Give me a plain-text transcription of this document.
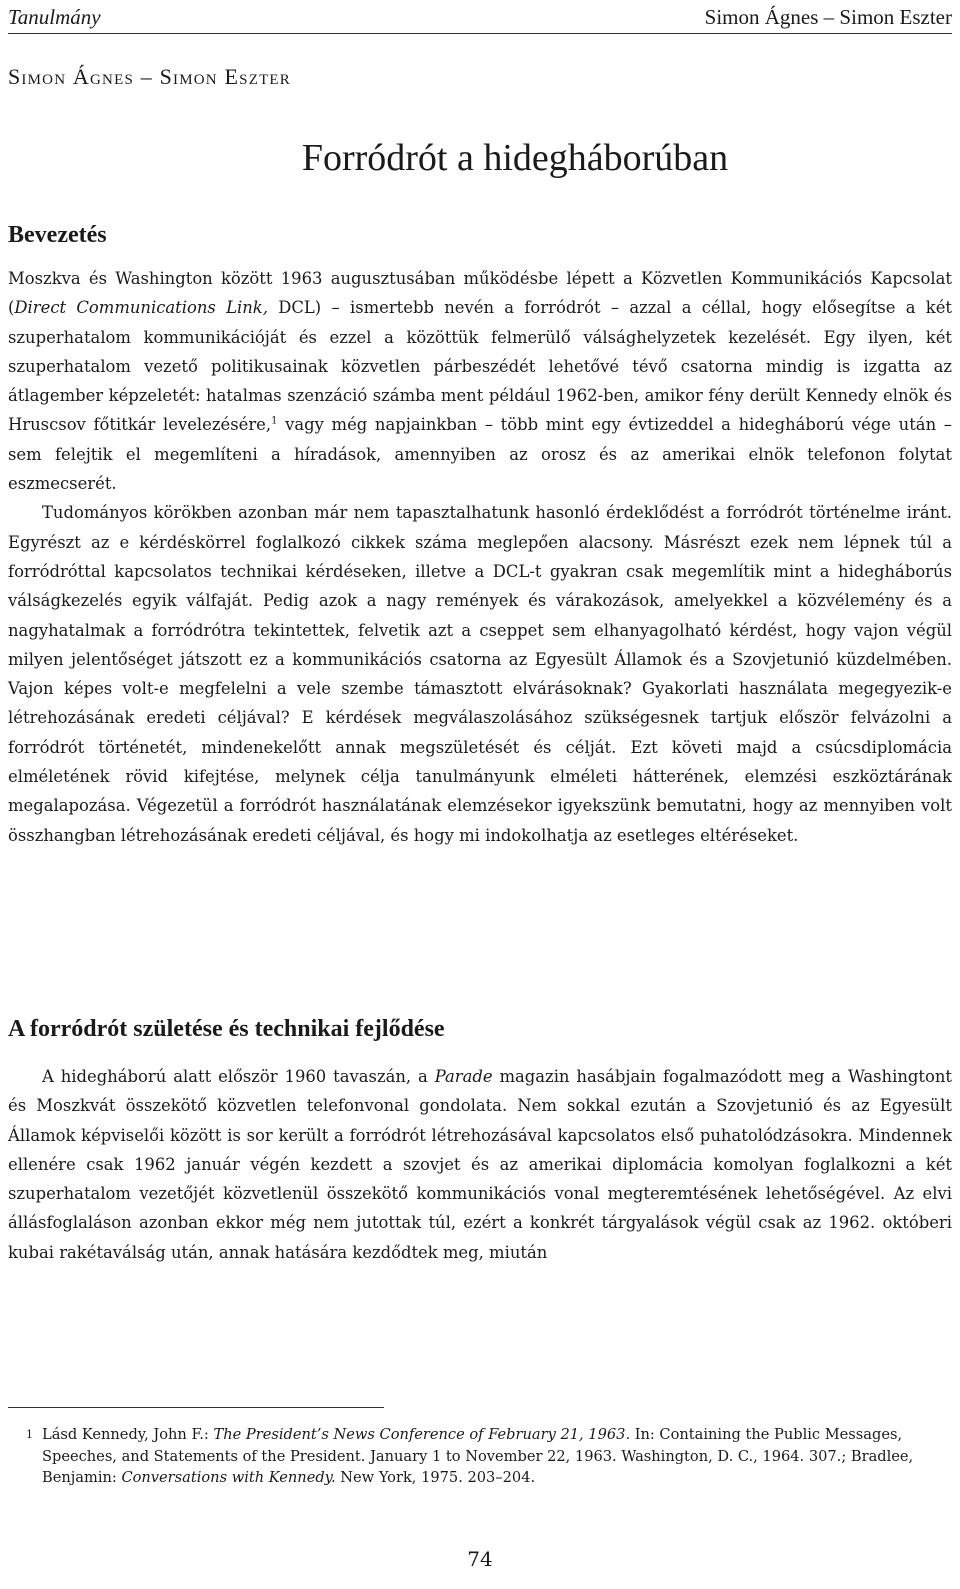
Tanulmány	Simon Ágnes – Simon Eszter
Simon Ágnes – Simon Eszter
Forródrót a hidegháborúban
Bevezetés

Moszkva és Washington között 1963 augusztusában működésbe lépett a Közvetlen Kommunikációs Kapcsolat (Direct Communications Link, DCL) – ismertebb nevén a forródrót – azzal a céllal, hogy elősegítse a két szuperhatalom kommunikációját és ezzel a közöttük felmerülő válsághelyzetek kezelését. Egy ilyen, két szuperhatalom vezető politikusainak közvetlen párbeszédét lehetővé tévő csatorna mindig is izgatta az átlagember képzeletét: hatalmas szenzáció számba ment például 1962-ben, amikor fény derült Kennedy elnök és Hruscsov főtitkár levelezésére,$^1$ vagy még napjainkban – több mint egy évtizeddel a hidegháború vége után – sem felejtik el megemlíteni a híradások, amennyiben az orosz és az amerikai elnök telefonon folytat eszmecserét.

Tudományos körökben azonban már nem tapasztalhatunk hasonló érdeklődést a forródrót történelme iránt. Egyrészt az e kérdéskörrel foglalkozó cikkek száma meglepően alacsony. Másrészt ezek nem lépnek túl a forródróttal kapcsolatos technikai kérdéseken, illetve a DCL-t gyakran csak megemlítik mint a hidegháborús válságkezelés egyik válfaját. Pedig azok a nagy remények és várakozások, amelyekkel a közvélemény és a nagyhatalmak a forródrótra tekintettek, felvetik azt a cseppet sem elhanyagolható kérdést, hogy vajon végül milyen jelentőséget játszott ez a kommunikációs csatorna az Egyesült Államok és a Szovjetunió küzdelmében. Vajon képes volt-e megfelelni a vele szembe támasztott elvárásoknak? Gyakorlati használata megegyezik-e létrehozásának eredeti céljával? E kérdések megválaszolásához szükségesnek tartjuk először felvázolni a forródrót történetét, mindenekelőtt annak megszületését és célját. Ezt követi majd a csúcsdiplomácia elméletének rövid kifejtése, melynek célja tanulmányunk elméleti hátterének, elemzési eszköztárának megalapozása. Végezetül a forródrót használatának elemzésekor igyekszünk bemutatni, hogy az mennyiben volt összhangban létrehozásának eredeti céljával, és hogy mi indokolhatja az esetleges eltéréseket.

A forródrót születése és technikai fejlődése

A hidegháború alatt először 1960 tavaszán, a Parade magazin hasábjain fogalmazódott meg a Washingtont és Moszkvát összekötő közvetlen telefonvonal gondolata. Nem sokkal ezután a Szovjetunió és az Egyesült Államok képviselői között is sor került a forródrót létrehozásával kapcsolatos első puhatolódzásokra. Mindennek ellenére csak 1962 január végén kezdett a szovjet és az amerikai diplomácia komolyan foglalkozni a két szuperhatalom vezetőjét közvetlenül összekötő kommunikációs vonal megteremtésének lehetőségével. Az elvi állásfoglaláson azonban ekkor még nem jutottak túl, ezért a konkrét tárgyalások végül csak az 1962. októberi kubai rakétaválság után, annak hatására kezdődtek meg, miután

1 Lásd Kennedy, John F.: The President’s News Conference of February 21, 1963. In: Containing the Public Messages, Speeches, and Statements of the President. January 1 to November 22, 1963. Washington, D. C., 1964. 307.; Bradlee, Benjamin: Conversations with Kennedy. New York, 1975. 203–204.
74
